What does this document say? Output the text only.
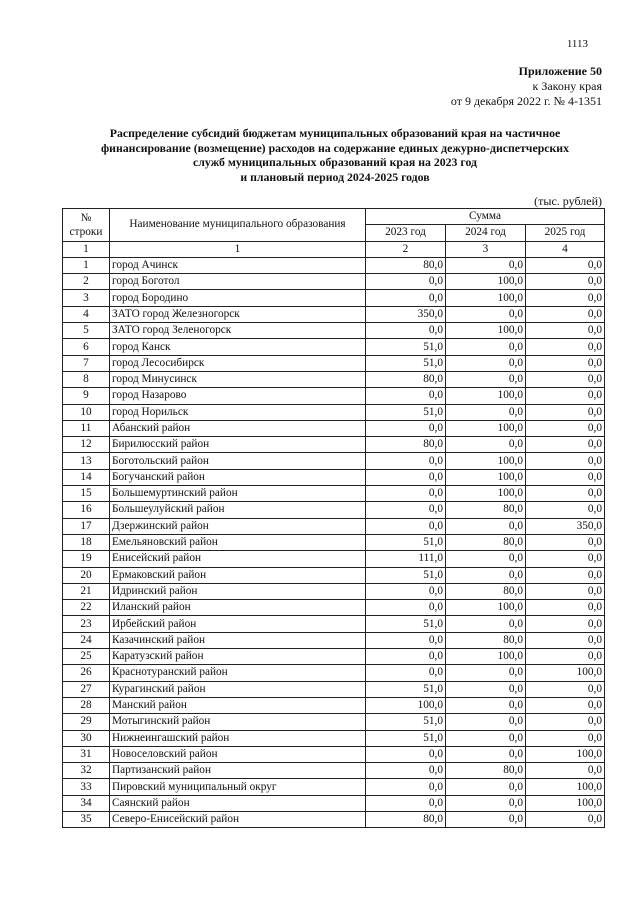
1113
Приложение 50
к Закону края
от 9 декабря 2022 г. № 4-1351
Распределение субсидий бюджетам муниципальных образований края на частичное
финансирование (возмещение) расходов на содержание единых дежурно-диспетчерских
служб муниципальных образований края на 2023 год
и плановый период 2024-2025 годов
(тыс. рублей)
№
строки	Наименование муниципального образования	Сумма		
		2023 год	2024 год	2025 год
1	1	2	3	4
1	город Ачинск	80,0	0,0	0,0
2	город Боготол	0,0	100,0	0,0
3	город Бородино	0,0	100,0	0,0
4	ЗАТО город Железногорск	350,0	0,0	0,0
5	ЗАТО город Зеленогорск	0,0	100,0	0,0
6	город Канск	51,0	0,0	0,0
7	город Лесосибирск	51,0	0,0	0,0
8	город Минусинск	80,0	0,0	0,0
9	город Назарово	0,0	100,0	0,0
10	город Норильск	51,0	0,0	0,0
11	Абанский район	0,0	100,0	0,0
12	Бирилюсский район	80,0	0,0	0,0
13	Боготольский район	0,0	100,0	0,0
14	Богучанский район	0,0	100,0	0,0
15	Большемуртинский район	0,0	100,0	0,0
16	Большеулуйский район	0,0	80,0	0,0
17	Дзержинский район	0,0	0,0	350,0
18	Емельяновский район	51,0	80,0	0,0
19	Енисейский район	111,0	0,0	0,0
20	Ермаковский район	51,0	0,0	0,0
21	Идринский район	0,0	80,0	0,0
22	Иланский район	0,0	100,0	0,0
23	Ирбейский район	51,0	0,0	0,0
24	Казачинский район	0,0	80,0	0,0
25	Каратузский район	0,0	100,0	0,0
26	Краснотуранский район	0,0	0,0	100,0
27	Курагинский район	51,0	0,0	0,0
28	Манский район	100,0	0,0	0,0
29	Мотыгинский район	51,0	0,0	0,0
30	Нижнеингашский район	51,0	0,0	0,0
31	Новоселовский район	0,0	0,0	100,0
32	Партизанский район	0,0	80,0	0,0
33	Пировский муниципальный округ	0,0	0,0	100,0
34	Саянский район	0,0	0,0	100,0
35	Северо-Енисейский район	80,0	0,0	0,0
